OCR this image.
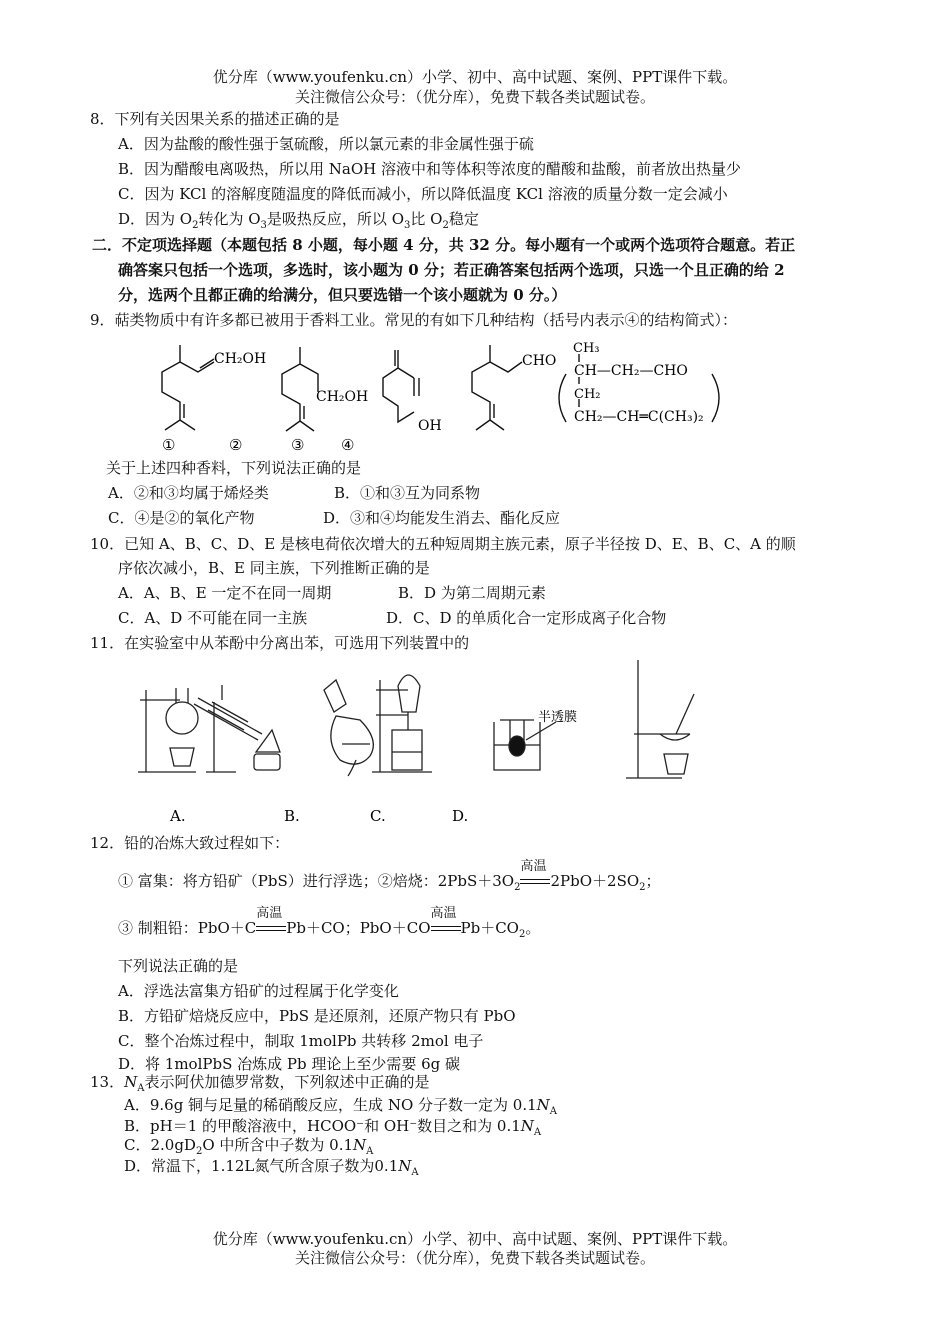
优分库（www.youfenku.cn）小学、初中、高中试题、案例、PPT课件下载。
关注微信公众号：（优分库），免费下载各类试题试卷。
8．下列有关因果关系的描述正确的是
A．因为盐酸的酸性强于氢硫酸，所以氯元素的非金属性强于硫
B．因为醋酸电离吸热，所以用 NaOH 溶液中和等体积等浓度的醋酸和盐酸，前者放出热量少
C．因为 KCl 的溶解度随温度的降低而减小，所以降低温度 KCl 溶液的质量分数一定会减小
D．因为 $O_2$转化为 $O_3$是吸热反应，所以 $O_3$比 $O_2$稳定
二．不定项选择题（本题包括 8 小题，每小题 4 分，共 32 分。每小题有一个或两个选项符合题意。若正
确答案只包括一个选项，多选时，该小题为 0 分；若正确答案包括两个选项，只选一个且正确的给 2
分，选两个且都正确的给满分，但只要选错一个该小题就为 0 分。）
9．萜类物质中有许多都已被用于香料工业。常见的有如下几种结构（括号内表示④的结构简式）：
CH₂OH
CH₂OH
OH
CHO
CH₃
CH—CH₂—CHO
CH₂
CH₂—CH═C(CH₃)₂
①	②	③ ④
关于上述四种香料，下列说法正确的是
A．②和③均属于烯烃类	B．①和③互为同系物
C．④是②的氧化产物	D．③和④均能发生消去、酯化反应
10．已知 A、B、C、D、E 是核电荷依次增大的五种短周期主族元素，原子半径按 D、E、B、C、A 的顺
序依次减小，B、E 同主族，下列推断正确的是
A．A、B、E 一定不在同一周期	B．D 为第二周期元素
C．A、D 不可能在同一主族	D．C、D 的单质化合一定形成离子化合物
11．在实验室中从苯酚中分离出苯，可选用下列装置中的
半透膜
A.	B.	C.	D.
12．铅的冶炼大致过程如下：
① 富集：将方铅矿（PbS）进行浮选；②焙烧：$2PbS+3O_2$
高温
$2PbO+2SO_2$；
③ 制粗铅：PbO＋C
高温
Pb＋CO；PbO＋CO
高温
$Pb+CO_2$。
下列说法正确的是
A．浮选法富集方铅矿的过程属于化学变化
B．方铅矿焙烧反应中，PbS 是还原剂，还原产物只有 PbO
C．整个冶炼过程中，制取 1molPb 共转移 2mol 电子
D．将 1molPbS 冶炼成 Pb 理论上至少需要 6g 碳
13．$N_A$表示阿伏加德罗常数，下列叙述中正确的是
A．9.6g 铜与足量的稀硝酸反应，生成 NO 分子数一定为 $0.1N_A$
B．pH＝1 的甲酸溶液中，HCOO⁻和 OH⁻数目之和为 $0.1N_A$
C．$2.0gD_2O$ 中所含中子数为 $0.1N_A$
D．常温下，1.12L氮气所含原子数为$0.1N_A$
优分库（www.youfenku.cn）小学、初中、高中试题、案例、PPT课件下载。
关注微信公众号：（优分库），免费下载各类试题试卷。
